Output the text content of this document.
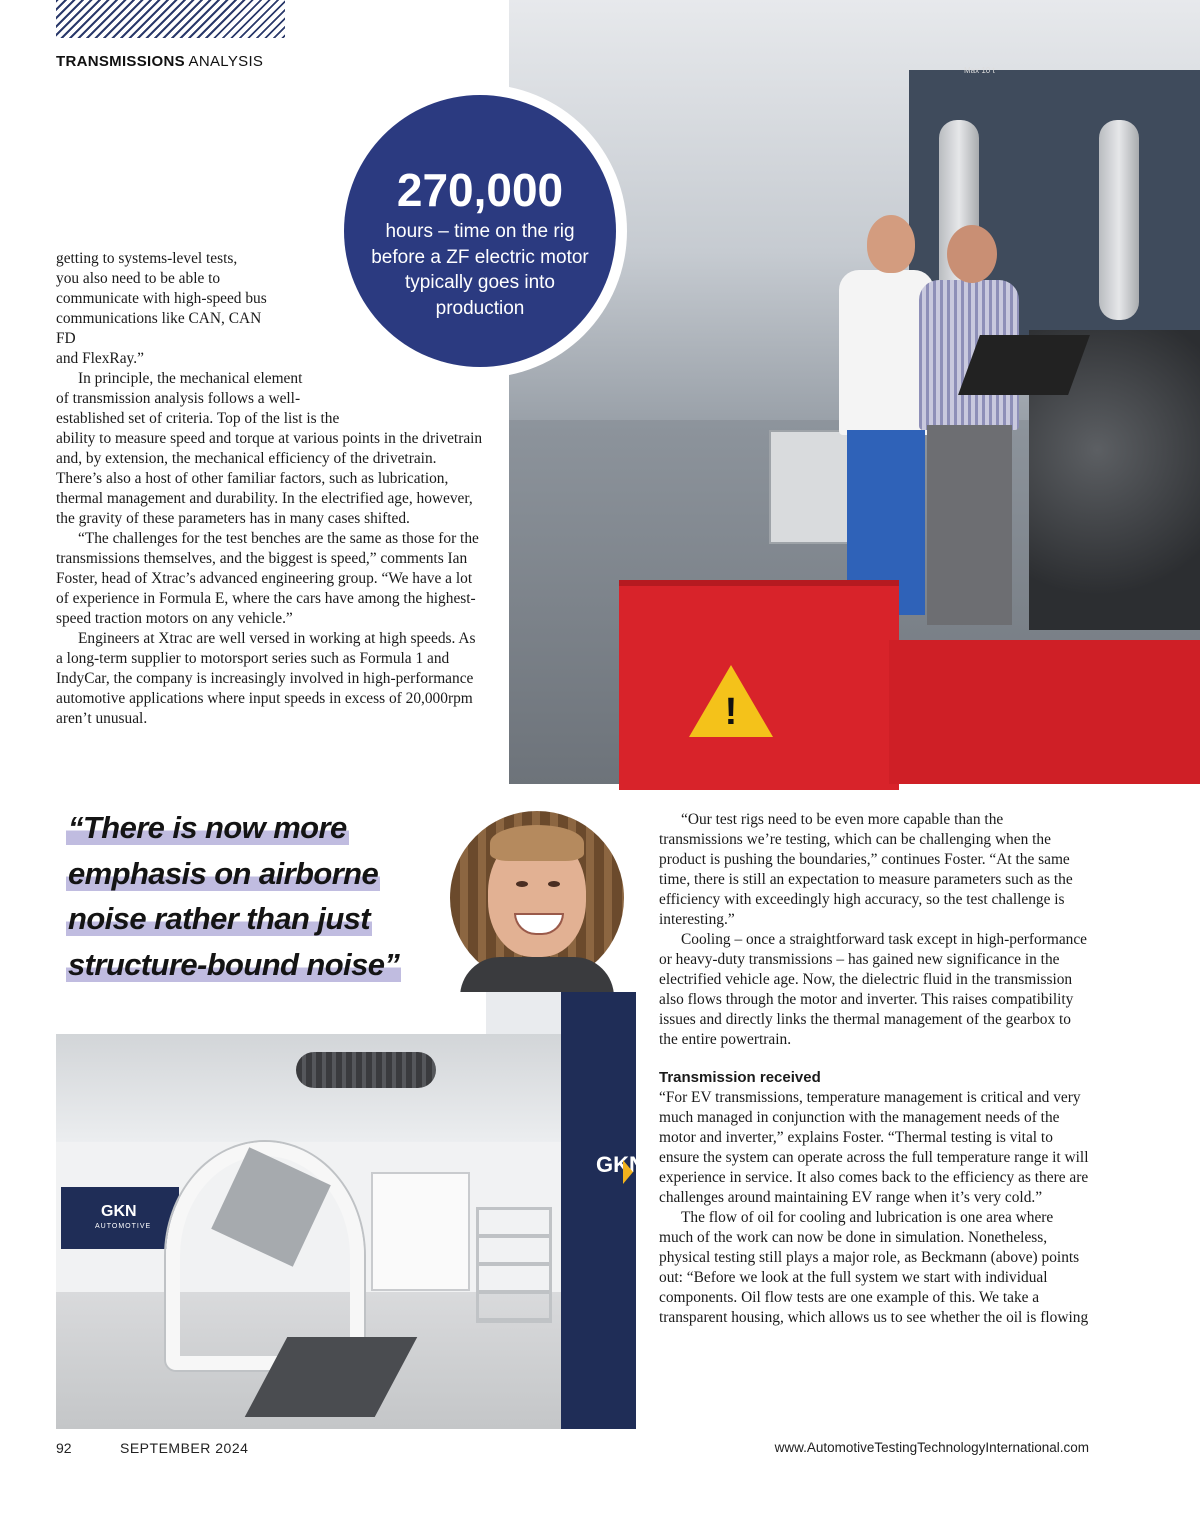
TRANSMISSIONS ANALYSIS
Max 10 t
!
270,000
hours – time on the rig before a ZF electric motor typically goes into production

getting to systems-level tests,
you also need to be able to
communicate with high-speed bus
communications like CAN, CAN FD
and FlexRay.”

In principle, the mechanical element
of transmission analysis follows a well-
established set of criteria. Top of the list is the
ability to measure speed and torque at various points in the drivetrain and, by extension, the mechanical efficiency of the drivetrain. There’s also a host of other familiar factors, such as lubrication, thermal management and durability. In the electrified age, however, the gravity of these parameters has in many cases shifted.

“The challenges for the test benches are the same as those for the transmissions themselves, and the biggest is speed,” comments Ian Foster, head of Xtrac’s advanced engineering group. “We have a lot of experience in Formula E, where the cars have among the highest-speed traction motors on any vehicle.”

Engineers at Xtrac are well versed in working at high speeds. As a long-term supplier to motorsport series such as Formula 1 and IndyCar, the company is increasingly involved in high-performance automotive applications where input speeds in excess of 20,000rpm aren’t unusual.

“There is now more
emphasis on airborne
noise rather than just
structure-bound noise”
GKN
AUTOMOTIVE
GKN

“Our test rigs need to be even more capable than the transmissions we’re testing, which can be challenging when the product is pushing the boundaries,” continues Foster. “At the same time, there is still an expectation to measure parameters such as the efficiency with exceedingly high accuracy, so the test challenge is interesting.”

Cooling – once a straightforward task except in high-performance or heavy-duty transmissions – has gained new significance in the electrified vehicle age. Now, the dielectric fluid in the transmission also flows through the motor and inverter. This raises compatibility issues and directly links the thermal management of the gearbox to the entire powertrain.

Transmission received

“For EV transmissions, temperature management is critical and very much managed in conjunction with the management needs of the motor and inverter,” explains Foster. “Thermal testing is vital to ensure the system can operate across the full temperature range it will experience in service. It also comes back to the efficiency as there are challenges around maintaining EV range when it’s very cold.”

The flow of oil for cooling and lubrication is one area where much of the work can now be done in simulation. Nonetheless, physical testing still plays a major role, as Beckmann (above) points out: “Before we look at the full system we start with individual components. Oil flow tests are one example of this. We take a transparent housing, which allows us to see whether the oil is flowing

92	SEPTEMBER 2024	www.AutomotiveTestingTechnologyInternational.com
